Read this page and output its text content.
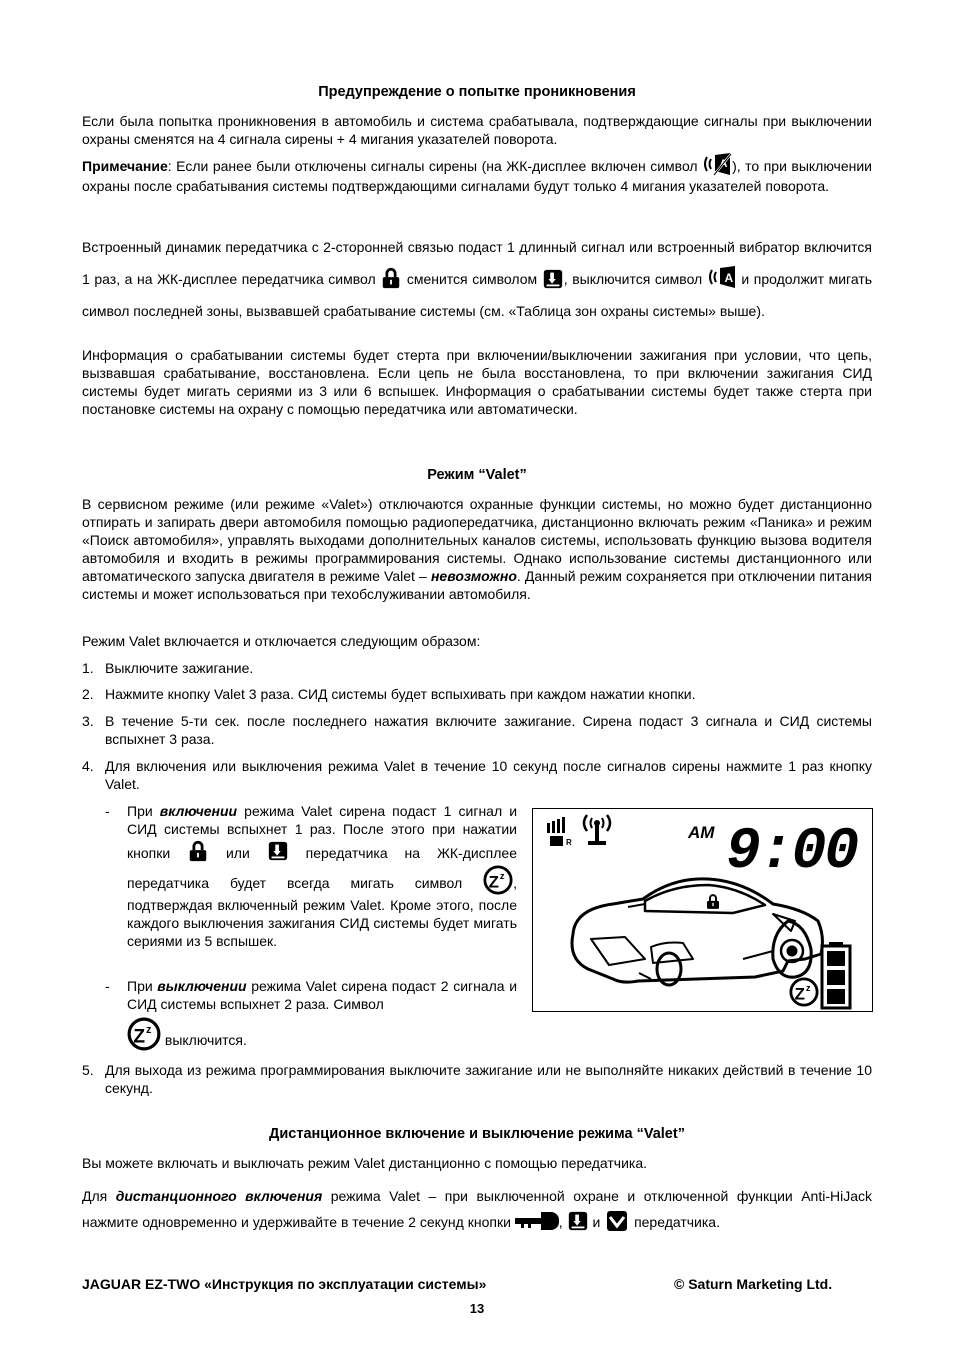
Предупреждение о попытке проникновения
Если была попытка проникновения в автомобиль и система срабатывала, подтверждающие сигналы при выключении охраны сменятся на 4 сигнала сирены + 4 мигания указателей поворота.
Примечание: Если ранее были отключены сигналы сирены (на ЖК-дисплее включен символ ), то при выключении охраны после срабатывания системы подтверждающими сигналами будут только 4 мигания указателей поворота.
Встроенный динамик передатчика с 2-сторонней связью подаст 1 длинный сигнал или встроенный вибратор включится 1 раз, а на ЖК-дисплее передатчика символ сменится символом , выключится символ	и продолжит мигать символ последней зоны, вызвавшей срабатывание системы (см. «Таблица зон охраны системы» выше).
Информация о срабатывании системы будет стерта при включении/выключении зажигания при условии, что цепь, вызвавшая срабатывание, восстановлена. Если цепь не была восстановлена, то при включении зажигания СИД системы будет мигать сериями из 3 или 6 вспышек. Информация о срабатывании системы будет также стерта при постановке системы на охрану с помощью передатчика или автоматически.
Режим “Valet”
В сервисном режиме (или режиме «Valet») отключаются охранные функции системы, но можно будет дистанционно отпирать и запирать двери автомобиля помощью радиопередатчика, дистанционно включать режим «Паника» и режим «Поиск автомобиля», управлять выходами дополнительных каналов системы, использовать функцию вызова водителя автомобиля и входить в режимы программирования системы. Однако использование системы дистанционного или автоматического запуска двигателя в режиме Valet – невозможно. Данный режим сохраняется при отключении питания системы и может использоваться при техобслуживании автомобиля.
Режим Valet включается и отключается следующим образом:
1. Выключите зажигание.
2. Нажмите кнопку Valet 3 раза. СИД системы будет вспыхивать при каждом нажатии кнопки.
3. В течение 5-ти сек. после последнего нажатия включите зажигание. Сирена подаст 3 сигнала и СИД системы вспыхнет 3 раза.
4. Для включения или выключения режима Valet в течение 10 секунд после сигналов сирены нажмите 1 раз кнопку Valet.
- При включении режима Valet сирена подаст 1 сигнал и СИД системы вспыхнет 1 раз. После этого при нажатии кнопки	или	передатчика на ЖК-дисплее передатчика будет всегда мигать символ	, подтверждая включенный режим Valet. Кроме этого, после каждого выключения зажигания СИД системы будет мигать сериями из 5 вспышек.
- При выключении режима Valet сирена подаст 2 сигнала и СИД системы вспыхнет 2 раза. Символ
выключится.
R
AM 9:00
5. Для выхода из режима программирования выключите зажигание или не выполняйте никаких действий в течение 10 секунд.
Дистанционное включение и выключение режима “Valet”
Вы можете включать и выключать режим Valet дистанционно с помощью передатчика.
Для дистанционного включения режима Valet – при выключенной охране и отключенной функции Anti-HiJack нажмите одновременно и удерживайте в течение 2 секунд кнопки	, и передатчика.
JAGUAR EZ-TWO «Инструкция по эксплуатации системы»	© Saturn Marketing Ltd.
13
